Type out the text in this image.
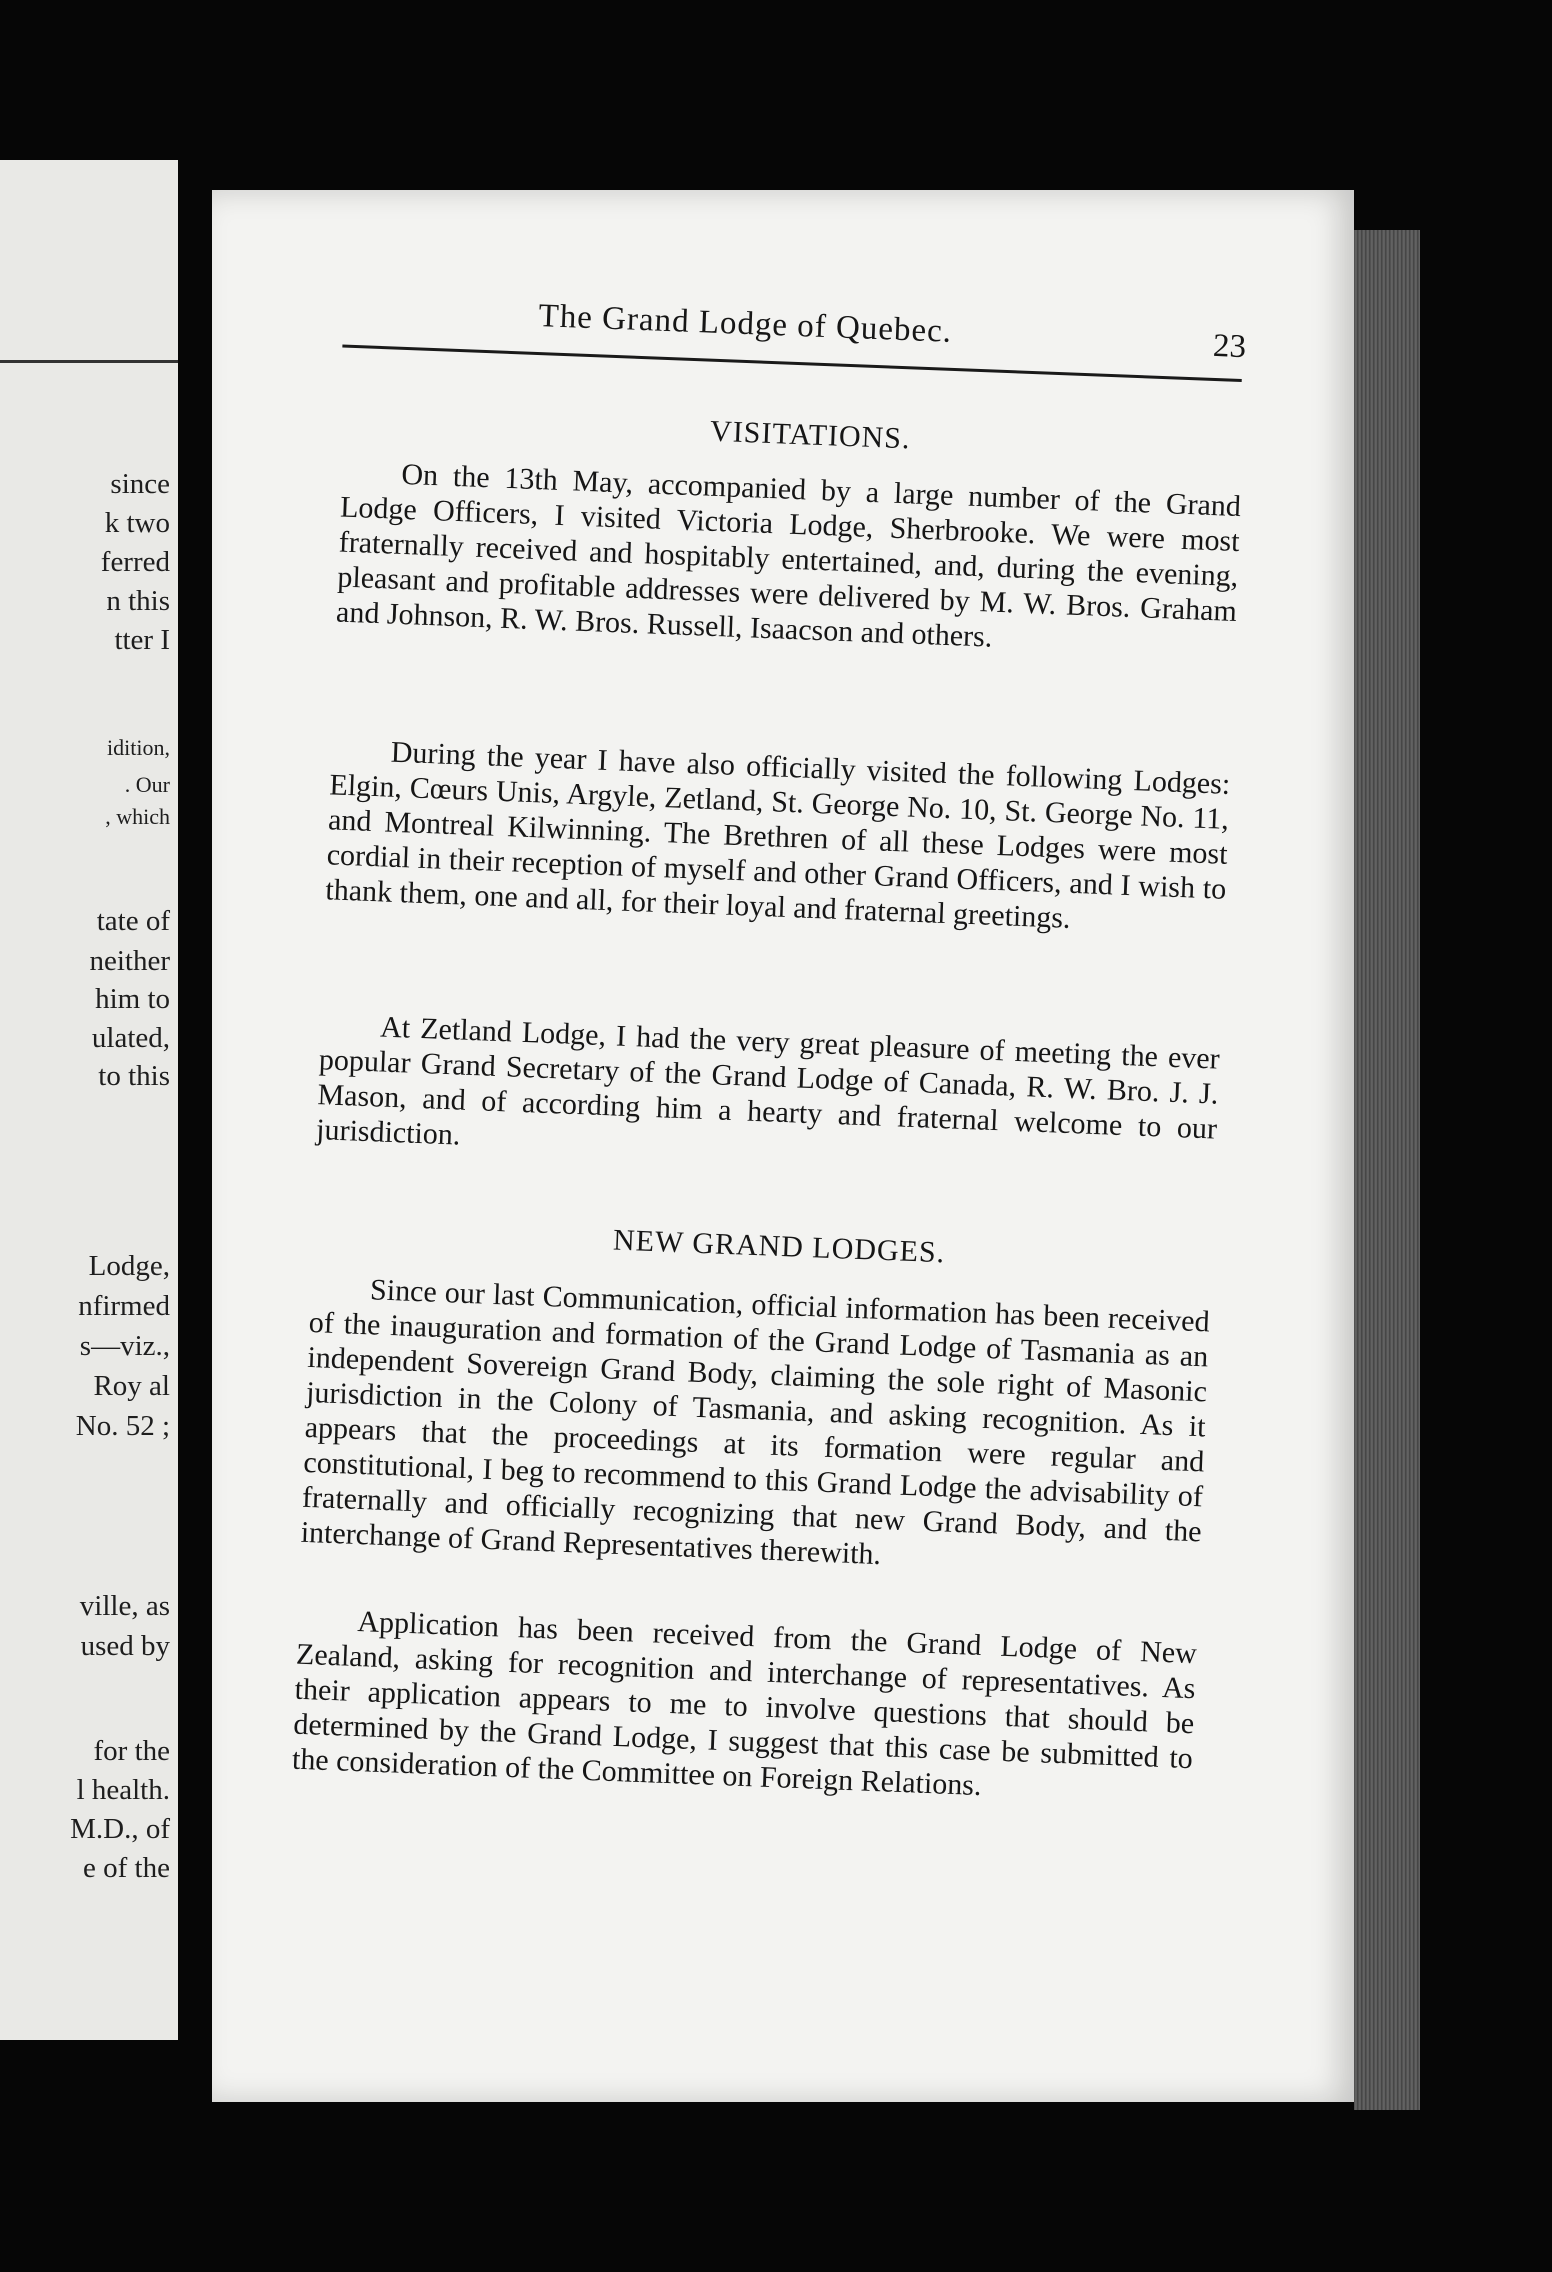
since
k two
ferred
n this
tter I
idition,
. Our
, which
tate of
neither
him to
ulated,
to this
Lodge,
nfirmed
s—viz.,
Roy al
No. 52 ;
ville, as
used by
for the
l health.
M.D., of
e of the
The Grand Lodge of Quebec.	23
VISITATIONS.

On the 13th May, accompanied by a large number of the Grand Lodge Officers, I visited Victoria Lodge, Sherbrooke. We were most fraternally received and hospitably entertained, and, during the evening, pleasant and profitable addresses were delivered by M. W. Bros. Graham and Johnson, R. W. Bros. Russell, Isaacson and others.

During the year I have also officially visited the following Lodges: Elgin, Cœurs Unis, Argyle, Zetland, St. George No. 10, St. George No. 11, and Montreal Kilwinning. The Brethren of all these Lodges were most cordial in their reception of myself and other Grand Officers, and I wish to thank them, one and all, for their loyal and fraternal greetings.

At Zetland Lodge, I had the very great pleasure of meeting the ever popular Grand Secretary of the Grand Lodge of Canada, R. W. Bro. J. J. Mason, and of according him a hearty and fraternal welcome to our jurisdiction.

NEW GRAND LODGES.

Since our last Communication, official information has been received of the inauguration and formation of the Grand Lodge of Tasmania as an independent Sovereign Grand Body, claiming the sole right of Masonic jurisdiction in the Colony of Tasmania, and asking recognition. As it appears that the proceedings at its formation were regular and constitutional, I beg to recommend to this Grand Lodge the advisability of fraternally and officially recognizing that new Grand Body, and the interchange of Grand Representatives therewith.

Application has been received from the Grand Lodge of New Zealand, asking for recognition and interchange of representatives. As their application appears to me to involve questions that should be determined by the Grand Lodge, I suggest that this case be submitted to the consideration of the Committee on Foreign Relations.
